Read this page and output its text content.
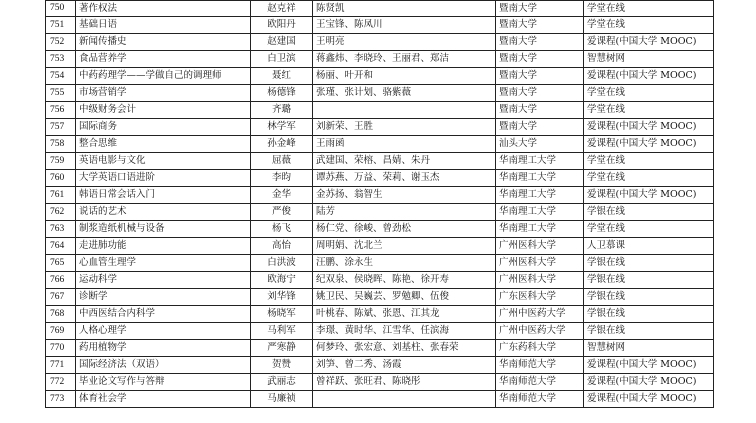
750	著作权法	赵克祥	陈贤凯	暨南大学	学堂在线
751	基础日语	欧阳丹	王宝锋、陈凤川	暨南大学	学堂在线
752	新闻传播史	赵建国	王明亮	暨南大学	爱课程(中国大学 MOOC)
753	食品营养学	白卫滨	蒋鑫炜、李晓玲、王丽君、郑洁	暨南大学	智慧树网
754	中药药理学——学做自己的调理师	聂红	杨丽、叶开和	暨南大学	爱课程(中国大学 MOOC)
755	市场营销学	杨德锋	张瑾、张计划、骆紫薇	暨南大学	学堂在线
756	中级财务会计	齐璐		暨南大学	学堂在线
757	国际商务	林学军	刘新荣、王胜	暨南大学	爱课程(中国大学 MOOC)
758	整合思维	孙金峰	王雨函	汕头大学	爱课程(中国大学 MOOC)
759	英语电影与文化	屈薇	武建国、荣榕、昌婧、朱丹	华南理工大学	学堂在线
760	大学英语口语进阶	李昀	谭苏燕、万益、荣莉、谢玉杰	华南理工大学	学堂在线
761	韩语日常会话入门	金华	金苏扬、翁智生	华南理工大学	爱课程(中国大学 MOOC)
762	说话的艺术	严俊	陆芳	华南理工大学	学银在线
763	制浆造纸机械与设备	杨飞	杨仁党、徐峻、曾劲松	华南理工大学	学堂在线
764	走进肺功能	高怡	周明娟、沈北兰	广州医科大学	人卫慕课
765	心血管生理学	白洪波	汪鹏、涂永生	广州医科大学	学银在线
766	运动科学	欧海宁	纪双泉、侯晓晖、陈艳、徐开寿	广州医科大学	学银在线
767	诊断学	刘华锋	姚卫民、吴巍芸、罗勉卿、伍俊	广东医科大学	学银在线
768	中西医结合内科学	杨晓军	叶桃春、陈斌、张恩、江其龙	广州中医药大学	学银在线
769	人格心理学	马利军	李璟、黄时华、江雪华、任滨海	广州中医药大学	学银在线
770	药用植物学	严寒静	何梦玲、张宏意、刘基柱、张春荣	广东药科大学	智慧树网
771	国际经济法（双语）	贺赞	刘笋、曾二秀、汤霞	华南师范大学	爱课程(中国大学 MOOC)
772	毕业论文写作与答辩	武丽志	曾祥跃、张旺君、陈晓彤	华南师范大学	爱课程(中国大学 MOOC)
773	体育社会学	马廉祯		华南师范大学	爱课程(中国大学 MOOC)
